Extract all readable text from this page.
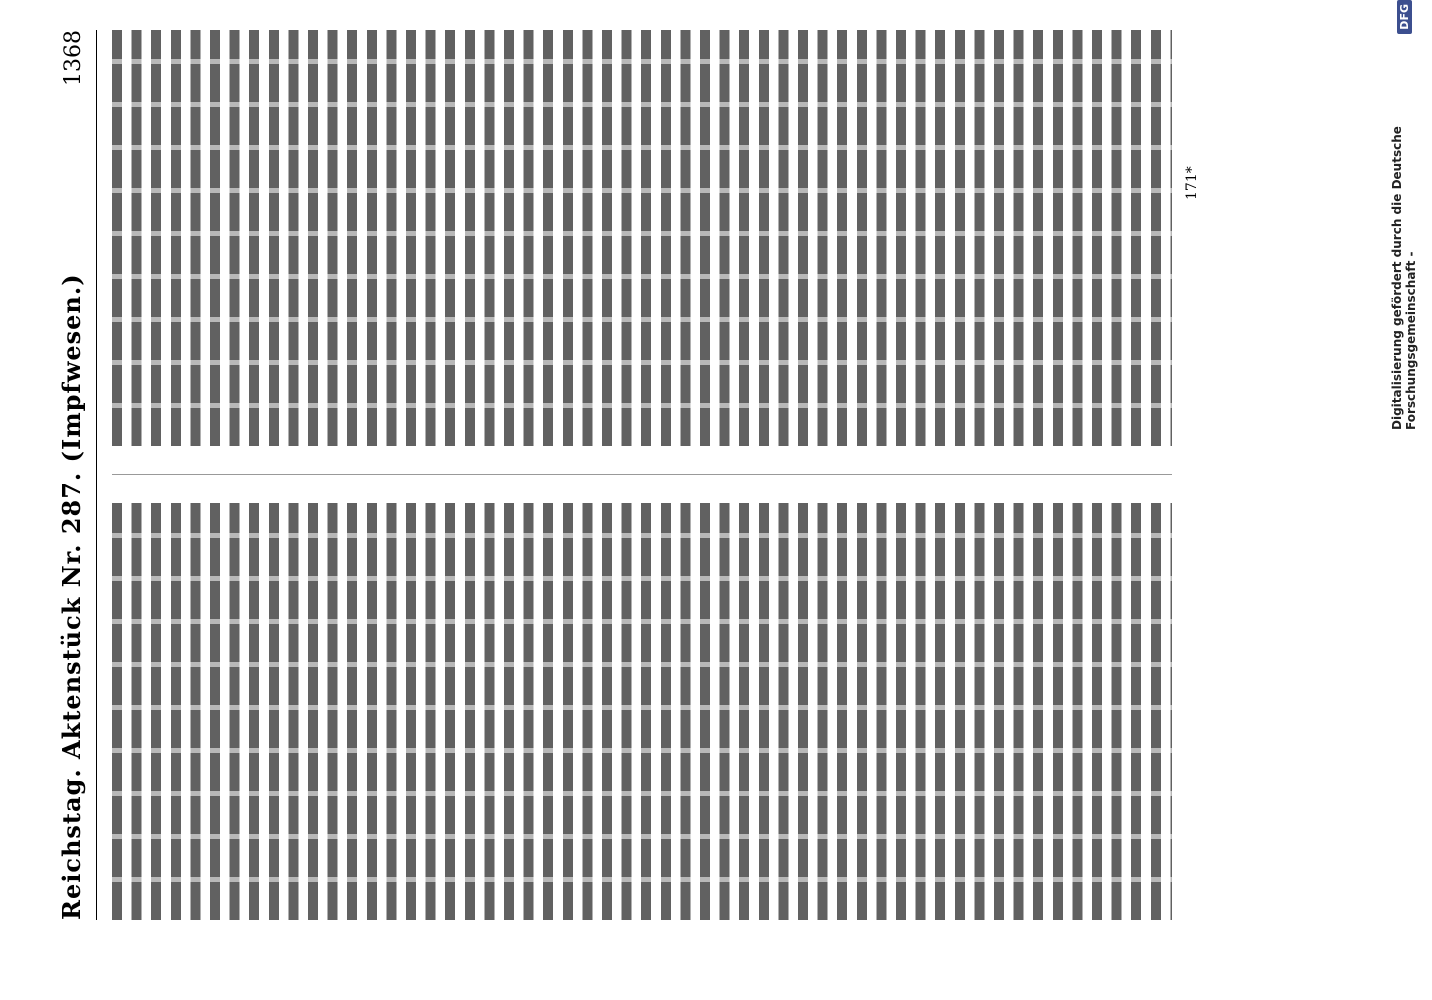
Reichstag. Aktenstück Nr. 287. (Impfwesen.)
1368
171*	Digitalisierung gefördert durch die Deutsche Forschungsgemeinschaft -
DFG
